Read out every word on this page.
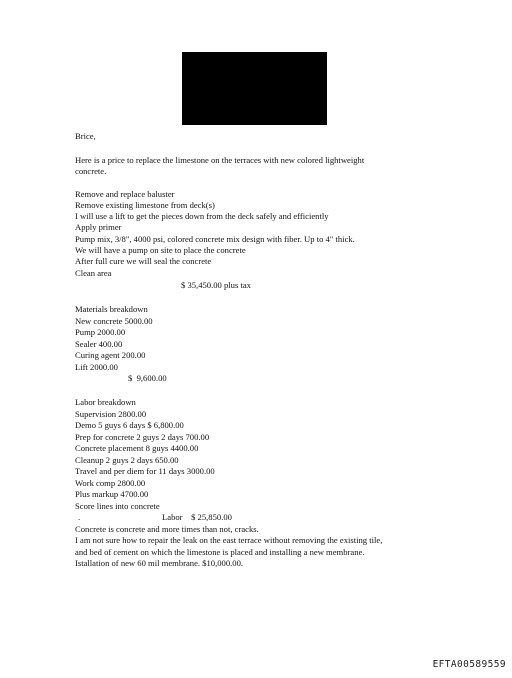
Brice,
Here is a price to replace the limestone on the terraces with new colored lightweight
concrete.
Remove and replace baluster
Remove existing limestone from deck(s)
I will use a lift to get the pieces down from the deck safely and efficiently
Apply primer
Pump mix, 3/8", 4000 psi, colored concrete mix design with fiber. Up to 4" thick.
We will have a pump on site to place the concrete
After full cure we will seal the concrete
Clean area
$ 35,450.00 plus tax
Materials breakdown
New concrete 5000.00
Pump 2000.00
Sealer 400.00
Curing agent 200.00
Lift 2000.00
$  9,600.00
Labor breakdown
Supervision 2800.00
Demo 5 guys 6 days $ 6,800.00
Prep for concrete 2 guys 2 days 700.00
Concrete placement 8 guys 4400.00
Cleanup 2 guys 2 days 650.00
Travel and per diem for 11 days 3000.00
Work comp 2800.00
Plus markup 4700.00
Score lines into concrete
.	Labor    $ 25,850.00
Concrete is concrete and more times than not, cracks.
I am not sure how to repair the leak on the east terrace without removing the existing tile,
and bed of cement on which the limestone is placed and installing a new membrane.
Istallation of new 60 mil membrane. $10,000.00.
EFTA00589559
